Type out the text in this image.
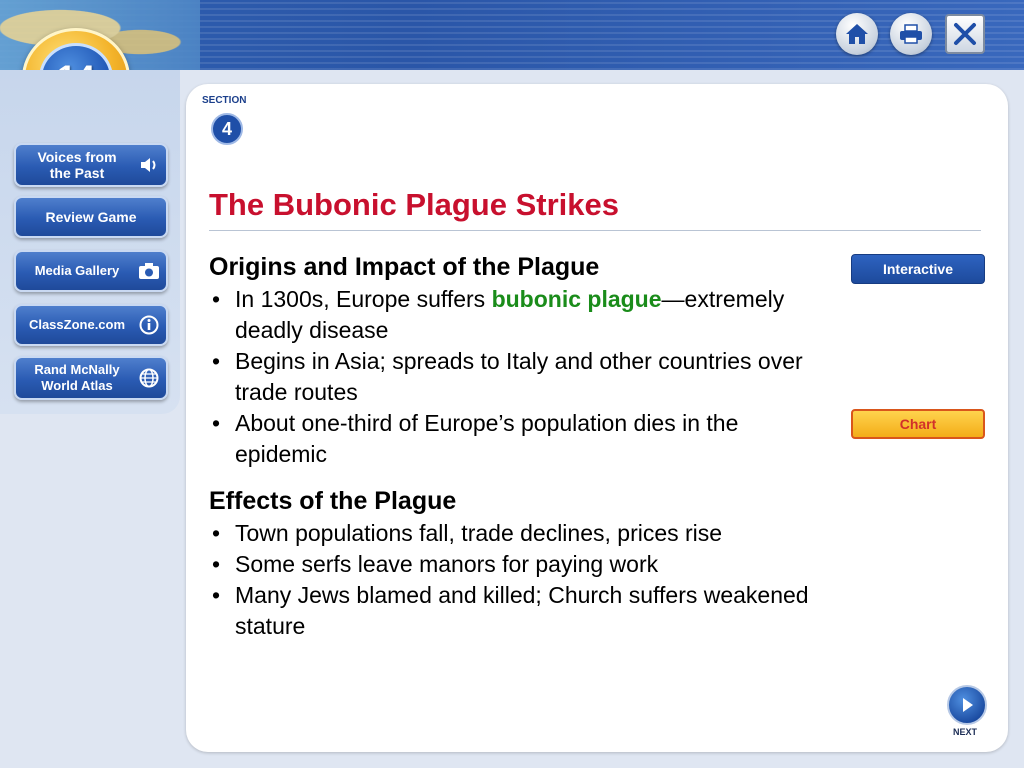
Voices from
the Past
Review Game
Media Gallery
ClassZone.com
Rand McNally
World Atlas
SECTION
4
The Bubonic Plague Strikes
Origins and Impact of the Plague
• In 1300s, Europe suffers bubonic plague—extremely deadly disease
• Begins in Asia; spreads to Italy and other countries over trade routes
• About one-third of Europe’s population dies in the epidemic
Effects of the Plague
• Town populations fall, trade declines, prices rise
• Some serfs leave manors for paying work
• Many Jews blamed and killed; Church suffers weakened stature
Interactive
Chart
NEXT
